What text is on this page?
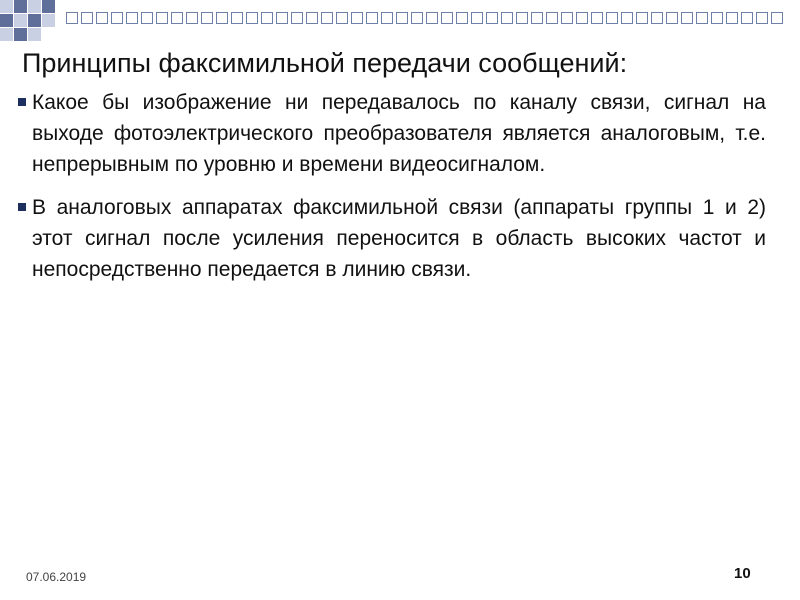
Принципы факсимильной передачи сообщений:
Какое бы изображение ни передавалось по каналу связи, сигнал на выходе фотоэлектрического преобразователя является аналоговым, т.е. непрерывным по уровню и времени видеосигналом.
В аналоговых аппаратах факсимильной связи (аппараты группы 1 и 2) этот сигнал после усиления переносится в область высоких частот и непосредственно передается в линию связи.
07.06.2019	10
